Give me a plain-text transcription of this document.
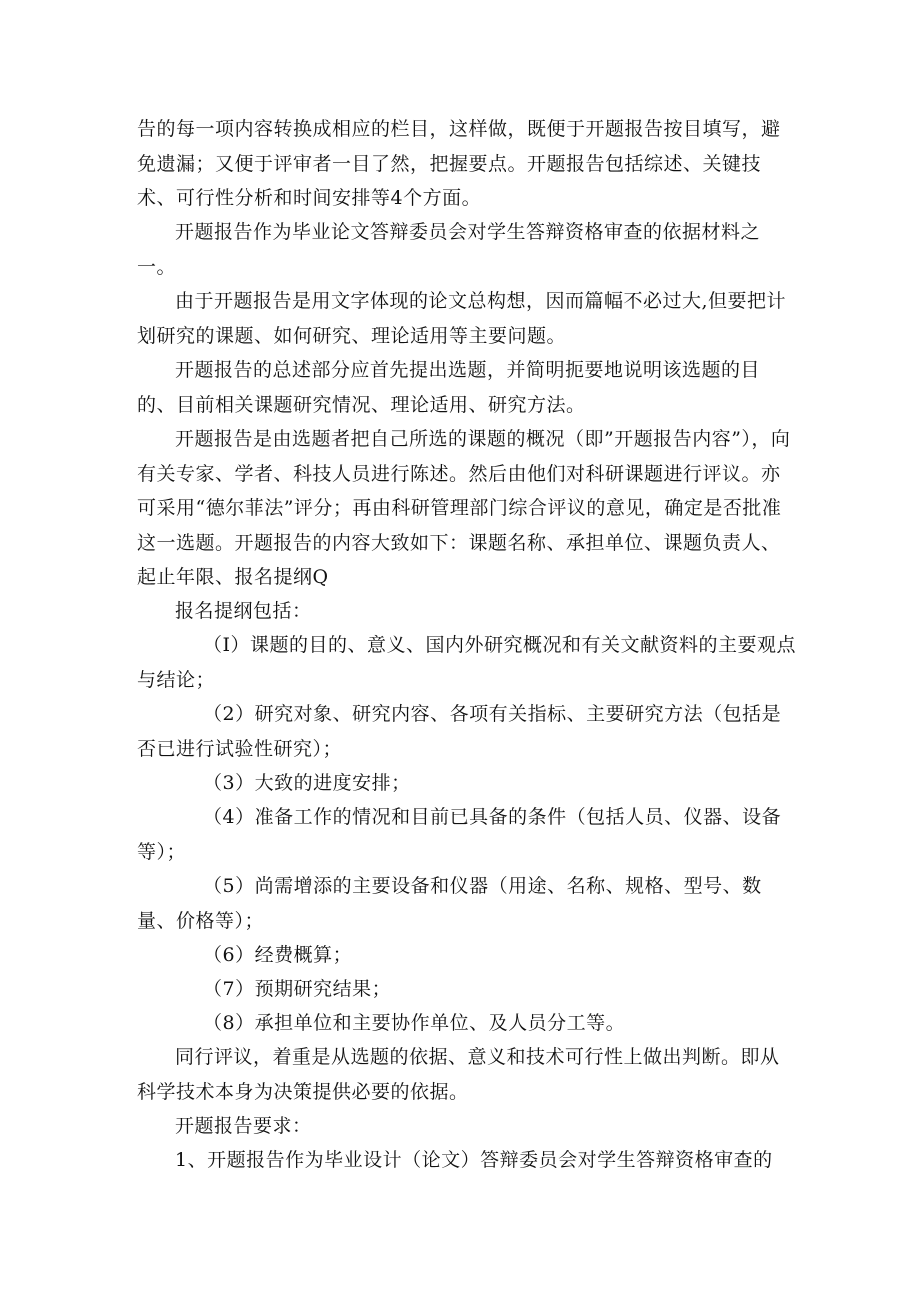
告的每一项内容转换成相应的栏目，这样做，既便于开题报告按目填写，避免遗漏；又便于评审者一目了然，把握要点。开题报告包括综述、关键技术、可行性分析和时间安排等4个方面。

开题报告作为毕业论文答辩委员会对学生答辩资格审查的依据材料之一。

由于开题报告是用文字体现的论文总构想，因而篇幅不必过大,但要把计划研究的课题、如何研究、理论适用等主要问题。

开题报告的总述部分应首先提出选题，并简明扼要地说明该选题的目的、目前相关课题研究情况、理论适用、研究方法。

开题报告是由选题者把自己所选的课题的概况（即”开题报告内容”），向有关专家、学者、科技人员进行陈述。然后由他们对科研课题进行评议。亦可采用“德尔菲法”评分；再由科研管理部门综合评议的意见，确定是否批准这一选题。开题报告的内容大致如下：课题名称、承担单位、课题负责人、起止年限、报名提纲Q

报名提纲包括：

（I）课题的目的、意义、国内外研究概况和有关文献资料的主要观点与结论；

（2）研究对象、研究内容、各项有关指标、主要研究方法（包括是否已进行试验性研究）；

（3）大致的进度安排；

（4）准备工作的情况和目前已具备的条件（包括人员、仪器、设备等）；

（5）尚需增添的主要设备和仪器（用途、名称、规格、型号、数量、价格等）；

（6）经费概算；

（7）预期研究结果；

（8）承担单位和主要协作单位、及人员分工等。

同行评议，着重是从选题的依据、意义和技术可行性上做出判断。即从科学技术本身为决策提供必要的依据。

开题报告要求：

1、开题报告作为毕业设计（论文）答辩委员会对学生答辩资格审查的
